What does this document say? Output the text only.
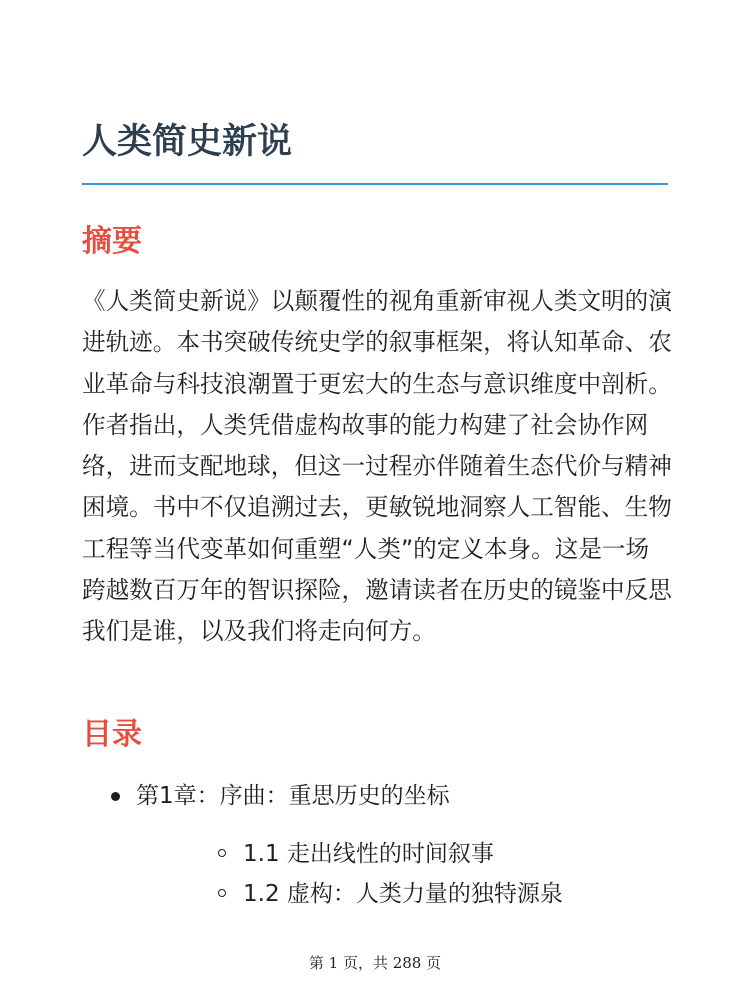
人类简史新说
摘要

《人类简史新说》以颠覆性的视角重新审视人类文明的演进轨迹。本书突破传统史学的叙事框架，将认知革命、农业革命与科技浪潮置于更宏大的生态与意识维度中剖析。作者指出，人类凭借虚构故事的能力构建了社会协作网络，进而支配地球，但这一过程亦伴随着生态代价与精神困境。书中不仅追溯过去，更敏锐地洞察人工智能、生物工程等当代变革如何重塑“人类”的定义本身。这是一场跨越数百万年的智识探险，邀请读者在历史的镜鉴中反思我们是谁，以及我们将走向何方。

目录
第1章：序曲：重思历史的坐标
1.1 走出线性的时间叙事
1.2 虚构：人类力量的独特源泉
第 1 页，共 288 页
